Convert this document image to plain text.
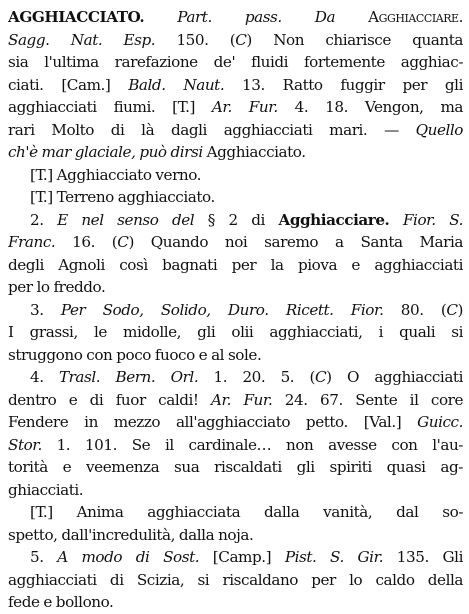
AGGHIACCIATO. Part. pass. Da Agghiacciare.
Sagg. Nat. Esp. 150. (C) Non chiarisce quanta
sia l'ultima rarefazione de' fluidi fortemente agghiac-
ciati. [Cam.] Bald. Naut. 13. Ratto fuggir per gli
agghiacciati fiumi. [T.] Ar. Fur. 4. 18. Vengon, ma
rari Molto di là dagli agghiacciati mari. — Quello
ch'è mar glaciale, può dirsi Agghiacciato.
[T.] Agghiacciato verno.
[T.] Terreno agghiacciato.
2. E nel senso del § 2 di Agghiacciare. Fior. S.
Franc. 16. (C) Quando noi saremo a Santa Maria
degli Agnoli così bagnati per la piova e agghiacciati
per lo freddo.
3. Per Sodo, Solido, Duro. Ricett. Fior. 80. (C)
I grassi, le midolle, gli olii agghiacciati, i quali si
struggono con poco fuoco e al sole.
4. Trasl. Bern. Orl. 1. 20. 5. (C) O agghiacciati
dentro e di fuor caldi! Ar. Fur. 24. 67. Sente il core
Fendere in mezzo all'agghiacciato petto. [Val.] Guicc.
Stor. 1. 101. Se il cardinale… non avesse con l'au-
torità e veemenza sua riscaldati gli spiriti quasi ag-
ghiacciati.
[T.] Anima agghiacciata dalla vanità, dal so-
spetto, dall'incredulità, dalla noja.
5. A modo di Sost. [Camp.] Pist. S. Gir. 135. Gli
agghiacciati di Scizia, si riscaldano per lo caldo della
fede e bollono.
